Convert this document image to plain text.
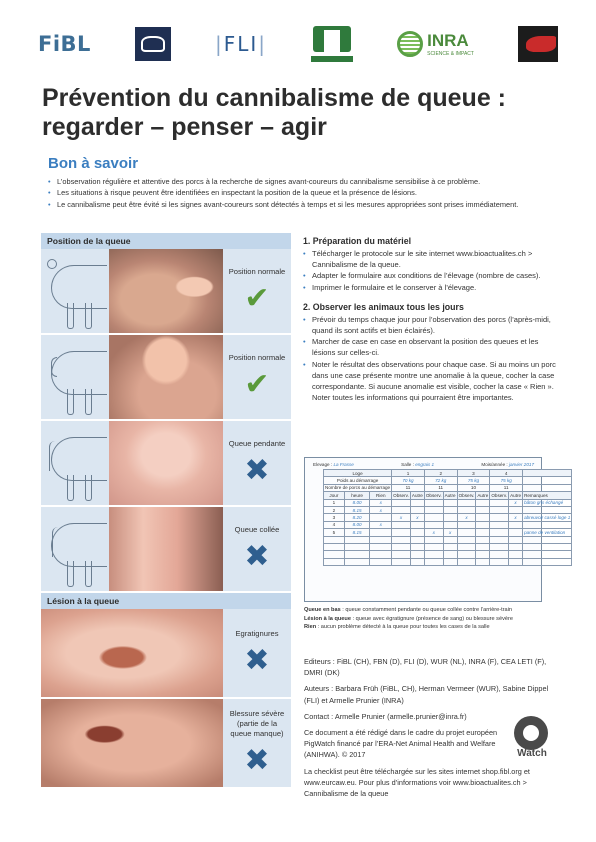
FiBL	|FLI|	INRA
SCIENCE & IMPACT
Prévention du cannibalisme de queue :
regarder – penser – agir
Bon à savoir
• L’observation régulière et attentive des porcs à la recherche de signes avant-coureurs du cannibalisme sensibilise à ce problème.
• Les situations à risque peuvent être identifiées en inspectant la position de la queue et la présence de lésions.
• Le cannibalisme peut être évité si les signes avant-coureurs sont détectés à temps et si les mesures appropriées sont prises immédiatement.
Position de la queue
Position normale
✔
Position normale
✔
Queue pendante
✖
Queue collée
✖
Lésion à la queue
Egratignures
✖
Blessure sévère (partie de la queue manque)
✖
1. Préparation du matériel
• Télécharger le protocole sur le site internet www.bioactualites.ch > Cannibalisme de la queue.
• Adapter le formulaire aux conditions de l’élevage (nombre de cases).
• Imprimer le formulaire et le conserver à l’élevage.
2. Observer les animaux tous les jours
• Prévoir du temps chaque jour pour l’observation des porcs (l’après-midi, quand ils sont actifs et bien éclairés).
• Marcher de case en case en observant la position des queues et les lésions sur celles-ci.
• Noter le résultat des observations pour chaque case. Si au moins un porc dans une case présente montre une anomalie à la queue, cocher la case correspondante. Si aucune anomalie est visible, cocher la case « Rien ». Noter toutes les informations qui pourraient être importantes.
Elevage : La Frasse	Salle : engrais 1	Mois/année : janvier 2017
Loge			1		2		3		4		
Poids au démarrage			70 kg		72 kg		75 kg		75 kg		
Nombre de porcs au démarrage			11		11		10		11		
Jour	heure	Rien	Observ.	Autre	Observ.	Autre	Observ.	Autre	Observ.	Autre	Remarques
1	8.00	x								x	bâton gris échangé
2	8.15	x									
3	8.20		x	x			x			x	abreuvoir cassé loge 1
4	8.00	x									
5	8.15				x	x					panne de ventilation

Queue en bas : queue constamment pendante ou queue collée contre l’arrière-train
Lésion à la queue : queue avec égratignure (présence de sang) ou blessure sévère
Rien : aucun problème détecté à la queue pour toutes les cases de la salle

Editeurs : FiBL (CH), FBN (D), FLI (D), WUR (NL), INRA (F), CEA LETI (F), DMRI (DK)

Auteurs : Barbara Früh (FiBL, CH), Herman Vermeer (WUR), Sabine Dippel (FLI) et Armelle Prunier (INRA)

Contact : Armelle Prunier (armelle.prunier@inra.fr)

Ce document a été rédigé dans le cadre du projet européen PigWatch financé par l’ERA-Net Animal Health and Welfare (ANIHWA). © 2017

La checklist peut être téléchargée sur les sites internet shop.fibl.org et www.eurcaw.eu. Pour plus d’informations voir www.bioactualites.ch > Cannibalisme de la queue

Watch
